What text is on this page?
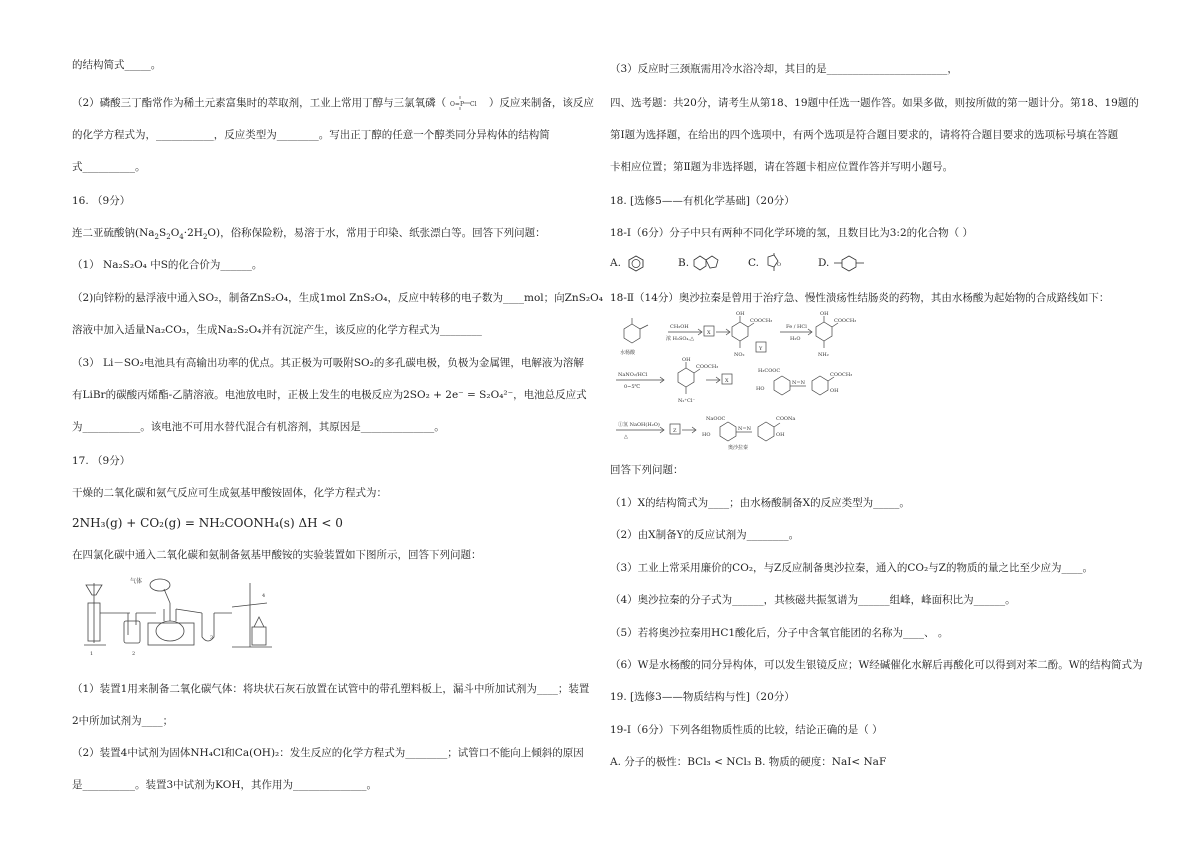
的结构简式_____。
（2）磷酸三丁酯常作为稀土元素富集时的萃取剂，工业上常用丁醇与三氯氧磷（ O=P Cl ）反应来制备，该反应
的化学方程式为，___________，反应类型为________。写出正丁醇的任意一个醇类同分异构体的结构简
式__________。
16. （9分）
连二亚硫酸钠$(Na_2S_2O_4\cdot 2H_2O)$，俗称保险粉，易溶于水，常用于印染、纸张漂白等。回答下列问题：
（1） Na₂S₂O₄ 中S的化合价为______。
（2)向锌粉的悬浮液中通入SO₂，制备ZnS₂O₄，生成1mol ZnS₂O₄，反应中转移的电子数为____mol；向ZnS₂O₄
溶液中加入适量Na₂CO₃，生成Na₂S₂O₄并有沉淀产生，该反应的化学方程式为________
（3） Li－SO₂电池具有高输出功率的优点。其正极为可吸附SO₂的多孔碳电极，负极为金属锂，电解液为溶解
有LiBr的碳酸丙烯酯-乙腈溶液。电池放电时，正极上发生的电极反应为2SO₂ + 2e⁻ = S₂O₄²⁻，电池总反应式
为___________。该电池不可用水替代混合有机溶剂，其原因是______________。
17. （9分）
干燥的二氧化碳和氨气反应可生成氨基甲酸铵固体，化学方程式为：
2NH₃(g) + CO₂(g) = NH₂COONH₄(s) ΔH < 0
在四氯化碳中通入二氧化碳和氨制备氨基甲酸铵的实验装置如下图所示，回答下列问题：
气体
1	2
3
4
（1）装置1用来制备二氧化碳气体：将块状石灰石放置在试管中的带孔塑料板上，漏斗中所加试剂为____；装置
2中所加试剂为____；
（2）装置4中试剂为固体NH₄Cl和Ca(OH)₂：发生反应的化学方程式为________；试管口不能向上倾斜的原因
是__________。装置3中试剂为KOH，其作用为______________。
（3）反应时三颈瓶需用冷水浴冷却，其目的是_______________________，
四、选考题：共20分，请考生从第18、19题中任选一题作答。如果多做，则按所做的第一题计分。第18、19题的
第Ⅰ题为选择题，在给出的四个选项中，有两个选项是符合题目要求的，请将符合题目要求的选项标号填在答题
卡相应位置；第Ⅱ题为非选择题，请在答题卡相应位置作答并写明小题号。
18. [选修5——有机化学基础]（20分）
18-Ⅰ（6分）分子中只有两种不同化学环境的氢，且数目比为3:2的化合物（ ）
A.	B.	C.	O	D.
18-Ⅱ（14分）奥沙拉秦是曾用于治疗急、慢性溃疡性结肠炎的药物，其由水杨酸为起始物的合成路线如下：
水杨酸
CH₃OH
浓 H₂SO₄,△
X
Y
COOCH₃
OH
NO₂
Fe / HCl
H₂O
COOCH₃
OH
NH₂
NaNO₂/HCl
0~5℃
COOCH₃
OH
N₂⁺Cl⁻
X
H₃COOC
HO
N=N
COOCH₃
OH
①氢 NaOH(H₂O)
△
Z
NaOOC
HO
N=N
COONa
OH
奥沙拉秦
回答下列问题：
（1）X的结构简式为____；由水杨酸制备X的反应类型为_____。
（2）由X制备Y的反应试剂为________。
（3）工业上常采用廉价的CO₂，与Z反应制备奥沙拉秦，通入的CO₂与Z的物质的量之比至少应为____。
（4）奥沙拉秦的分子式为______，其核磁共振氢谱为______组峰，峰面积比为______。
（5）若将奥沙拉秦用HC1酸化后，分子中含氧官能团的名称为____、 。
（6）W是水杨酸的同分异构体，可以发生银镜反应；W经碱催化水解后再酸化可以得到对苯二酚。W的结构简式为
19. [选修3——物质结构与性]（20分）
19-Ⅰ（6分）下列各组物质性质的比较，结论正确的是（ ）
A. 分子的极性：BCl₃ < NCl₃ B. 物质的硬度：NaI< NaF
